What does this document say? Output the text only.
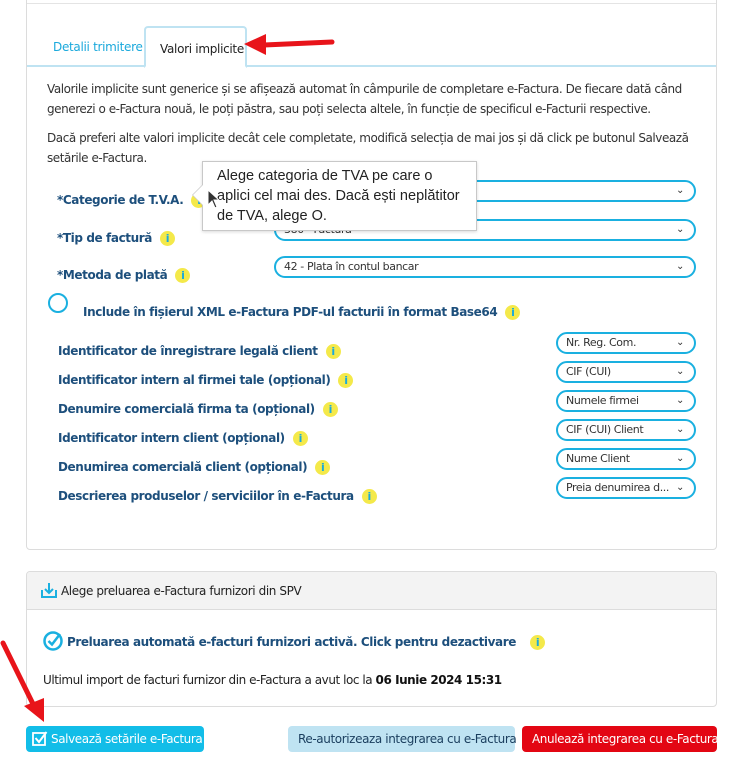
Detalii trimitere	Valori implicite

Valorile implicite sunt generice și se afișează automat în câmpurile de completare e-Factura. De fiecare dată când generezi o e-Factura nouă, le poți păstra, sau poți selecta altele, în funcție de specificul e-Facturii respective.

Dacă preferi alte valori implicite decât cele completate, modifică selecția de mai jos și dă click pe butonul Salvează setările e-Factura.

*Categorie de T.V.A.
⌄
*Tip de factură i
⌄
*Metoda de plată i
42 - Plata în contul bancar	⌄
Include în fișierul XML e-Factura PDF-ul facturii în format Base64 i
Identificator de înregistrare legală client i
Nr. Reg. Com.	⌄
Identificator intern al firmei tale (opțional) i
CIF (CUI)	⌄
Denumire comercială firma ta (opțional) i
Numele firmei	⌄
Identificator intern client (opțional) i
CIF (CUI) Client	⌄
Denumirea comercială client (opțional) i
Nume Client	⌄
Descrierea produselor / serviciilor în e-Factura i
Preia denumirea d... ⌄
Alege categoria de TVA pe care o aplici cel mai des. Dacă ești neplătitor de TVA, alege O.
Alege preluarea e-Factura furnizori din SPV
Preluarea automată e-facturi furnizori activă. Click pentru dezactivare i
Ultimul import de facturi furnizor din e-Factura a avut loc la 06 Iunie 2024 15:31
Salvează setările e-Factura	Re-autorizeaza integrarea cu e-Factura	Anulează integrarea cu e-Factura
